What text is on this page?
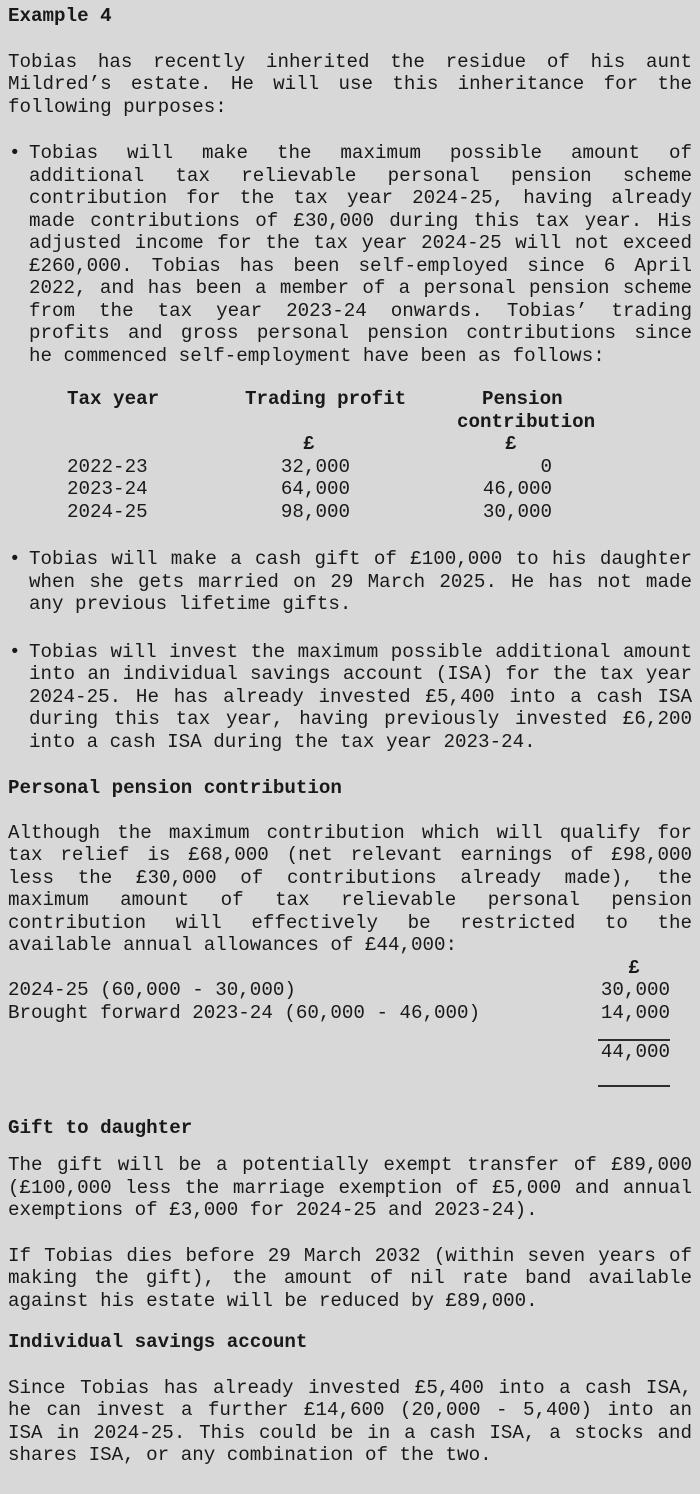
Example 4
Tobias has recently inherited the residue of his aunt Mildred’s estate. He will use this inheritance for the following purposes:
• Tobias will make the maximum possible amount of additional tax relievable personal pension scheme contribution for the tax year 2024-25, having already made contributions of £30,000 during this tax year. His adjusted income for the tax year 2024-25 will not exceed £260,000. Tobias has been self-employed since 6 April 2022, and has been a member of a personal pension scheme from the tax year 2023-24 onwards. Tobias’ trading profits and gross personal pension contributions since
he commenced self-employment have been as follows:
Tax year	Trading profit	Pension
contribution
£	£
2022-23	32,000	0
2023-24	64,000	46,000
2024-25	98,000	30,000
• Tobias will make a cash gift of £100,000 to his daughter when she gets married on 29 March 2025. He has not made any previous lifetime gifts.
• Tobias will invest the maximum possible additional amount into an individual savings account (ISA) for the tax year 2024-25. He has already invested £5,400 into a cash ISA during this tax year, having previously invested £6,200 into a cash ISA during the tax year 2023-24.
Personal pension contribution
Although the maximum contribution which will qualify for tax relief is £68,000 (net relevant earnings of £98,000 less the £30,000 of contributions already made), the maximum amount of tax relievable personal pension contribution will effectively be restricted to the available annual allowances of £44,000:
£
2024-25 (60,000 - 30,000)	30,000
Brought forward 2023-24 (60,000 - 46,000)	14,000
44,000
Gift to daughter
The gift will be a potentially exempt transfer of £89,000 (£100,000 less the marriage exemption of £5,000 and annual exemptions of £3,000 for 2024-25 and 2023-24).
If Tobias dies before 29 March 2032 (within seven years of making the gift), the amount of nil rate band available against his estate will be reduced by £89,000.
Individual savings account
Since Tobias has already invested £5,400 into a cash ISA, he can invest a further £14,600 (20,000 - 5,400) into an ISA in 2024-25. This could be in a cash ISA, a stocks and shares ISA, or any combination of the two.
